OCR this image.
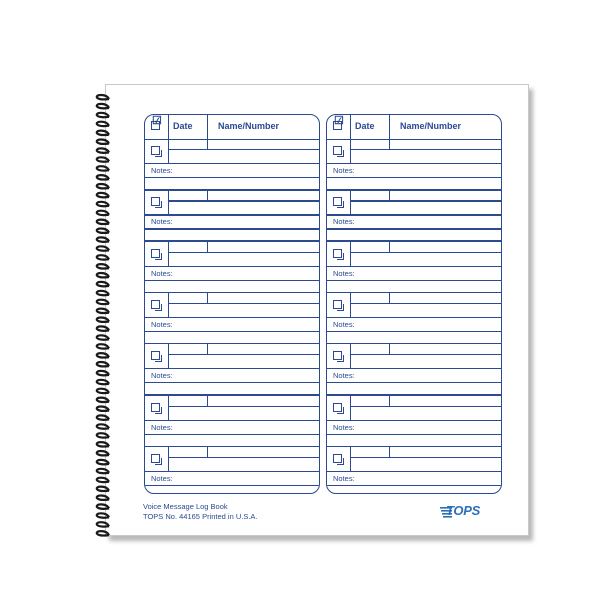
☑ Date	Name/Number
Notes:
Notes:
Notes:
Notes:
Notes:
Notes:
Notes:
☑ Date	Name/Number
Notes:
Notes:
Notes:
Notes:
Notes:
Notes:
Notes:
Voice Message Log Book
TOPS No. 44165 Printed in U.S.A.	TOPS
